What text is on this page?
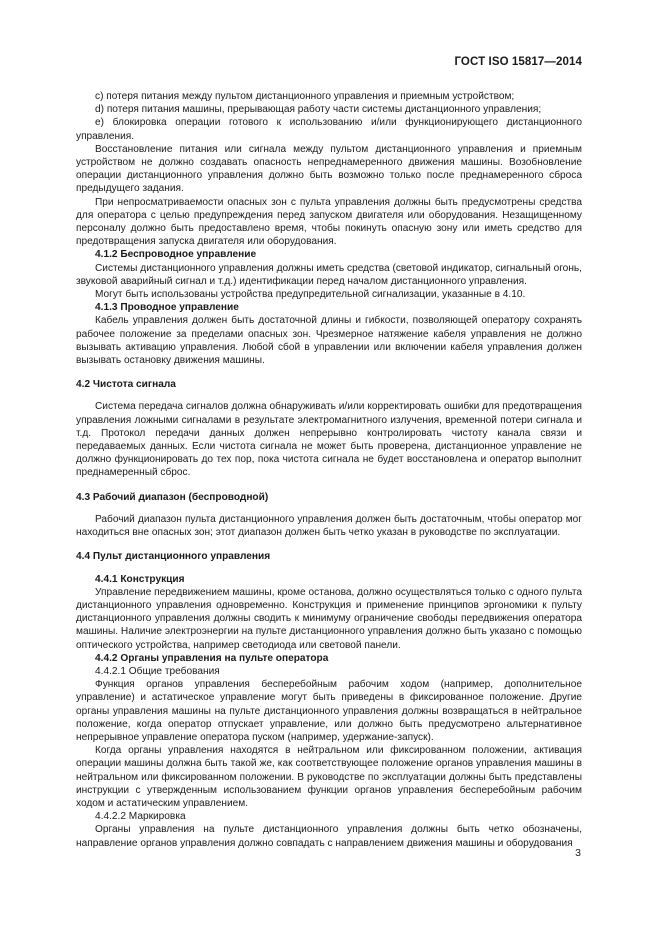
ГОСТ ISO 15817—2014

c) потеря питания между пультом дистанционного управления и приемным устройством;

d) потеря питания машины, прерывающая работу части системы дистанционного управления;

e) блокировка операции готового к использованию и/или функционирующего дистанционного управления.

Восстановление питания или сигнала между пультом дистанционного управления и приемным устройством не должно создавать опасность непреднамеренного движения машины. Возобновление операции дистанционного управления должно быть возможно только после преднамеренного сброса предыдущего задания.

При непросматриваемости опасных зон с пульта управления должны быть предусмотрены средства для оператора с целью предупреждения перед запуском двигателя или оборудования. Незащищенному персоналу должно быть предоставлено время, чтобы покинуть опасную зону или иметь средство для предотвращения запуска двигателя или оборудования.

4.1.2 Беспроводное управление

Системы дистанционного управления должны иметь средства (световой индикатор, сигнальный огонь, звуковой аварийный сигнал и т.д.) идентификации перед началом дистанционного управления.

Могут быть использованы устройства предупредительной сигнализации, указанные в 4.10.

4.1.3 Проводное управление

Кабель управления должен быть достаточной длины и гибкости, позволяющей оператору сохранять рабочее положение за пределами опасных зон. Чрезмерное натяжение кабеля управления не должно вызывать активацию управления. Любой сбой в управлении или включении кабеля управления должен вызывать остановку движения машины.

4.2 Чистота сигнала

Система передача сигналов должна обнаруживать и/или корректировать ошибки для предотвращения управления ложными сигналами в результате электромагнитного излучения, временной потери сигнала и т.д. Протокол передачи данных должен непрерывно контролировать чистоту канала связи и передаваемых данных. Если чистота сигнала не может быть проверена, дистанционное управление не должно функционировать до тех пор, пока чистота сигнала не будет восстановлена и оператор выполнит преднамеренный сброс.

4.3 Рабочий диапазон (беспроводной)

Рабочий диапазон пульта дистанционного управления должен быть достаточным, чтобы оператор мог находиться вне опасных зон; этот диапазон должен быть четко указан в руководстве по эксплуатации.

4.4 Пульт дистанционного управления

4.4.1 Конструкция

Управление передвижением машины, кроме останова, должно осуществляться только с одного пульта дистанционного управления одновременно. Конструкция и применение принципов эргономики к пульту дистанционного управления должны сводить к минимуму ограничение свободы передвижения оператора машины. Наличие электроэнергии на пульте дистанционного управления должно быть указано с помощью оптического устройства, например светодиода или световой панели.

4.4.2 Органы управления на пульте оператора

4.4.2.1 Общие требования

Функция органов управления бесперебойным рабочим ходом (например, дополнительное управление) и астатическое управление могут быть приведены в фиксированное положение. Другие органы управления машины на пульте дистанционного управления должны возвращаться в нейтральное положение, когда оператор отпускает управление, или должно быть предусмотрено альтернативное непрерывное управление оператора пуском (например, удержание-запуск).

Когда органы управления находятся в нейтральном или фиксированном положении, активация операции машины должна быть такой же, как соответствующее положение органов управления машины в нейтральном или фиксированном положении. В руководстве по эксплуатации должны быть представлены инструкции с утвержденным использованием функции органов управления бесперебойным рабочим ходом и астатическим управлением.

4.4.2.2 Маркировка

Органы управления на пульте дистанционного управления должны быть четко обозначены, направление органов управления должно совпадать с направлением движения машины и оборудования

3
